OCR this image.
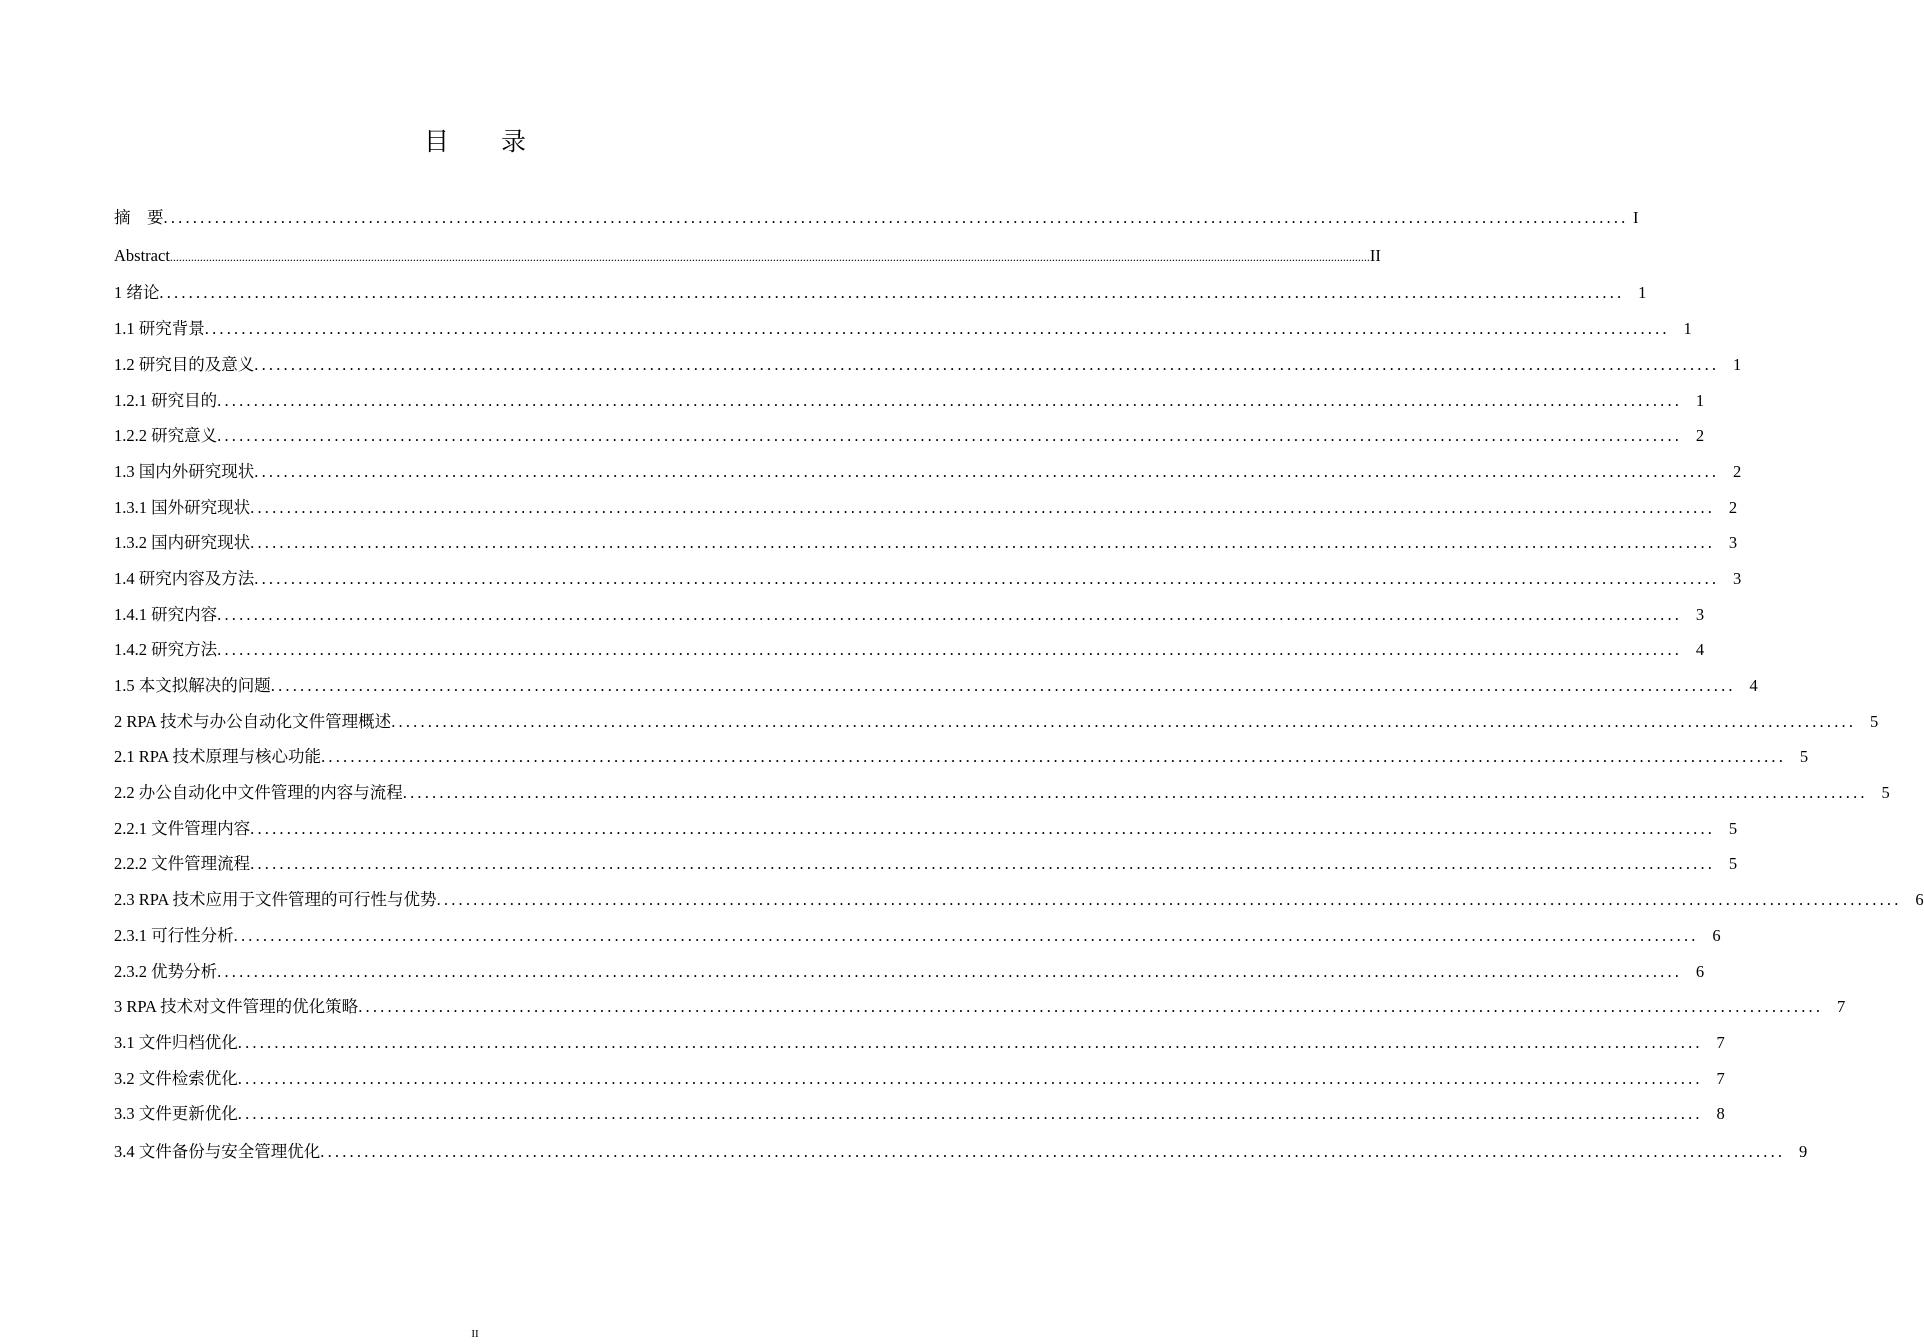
目 录
摘　要 ........................................................................................................................................................................................................ I
Abstract ................................................................................................................................................................................................................................................................................................................................................................................................................ II
1 绪论 ........................................................................................................................................................................................................ 1
1.1 研究背景 ........................................................................................................................................................................................................ 1
1.2 研究目的及意义 ........................................................................................................................................................................................................ 1
1.2.1 研究目的 ........................................................................................................................................................................................................ 1
1.2.2 研究意义 ........................................................................................................................................................................................................ 2
1.3 国内外研究现状 ........................................................................................................................................................................................................ 2
1.3.1 国外研究现状 ........................................................................................................................................................................................................ 2
1.3.2 国内研究现状 ........................................................................................................................................................................................................ 3
1.4 研究内容及方法 ........................................................................................................................................................................................................ 3
1.4.1 研究内容 ........................................................................................................................................................................................................ 3
1.4.2 研究方法 ........................................................................................................................................................................................................ 4
1.5 本文拟解决的问题 ........................................................................................................................................................................................................ 4
2 RPA 技术与办公自动化文件管理概述 ........................................................................................................................................................................................................ 5
2.1 RPA 技术原理与核心功能 ........................................................................................................................................................................................................ 5
2.2 办公自动化中文件管理的内容与流程 ........................................................................................................................................................................................................ 5
2.2.1 文件管理内容 ........................................................................................................................................................................................................ 5
2.2.2 文件管理流程 ........................................................................................................................................................................................................ 5
2.3 RPA 技术应用于文件管理的可行性与优势 ........................................................................................................................................................................................................ 6
2.3.1 可行性分析 ........................................................................................................................................................................................................ 6
2.3.2 优势分析 ........................................................................................................................................................................................................ 6
3 RPA 技术对文件管理的优化策略 ........................................................................................................................................................................................................ 7
3.1 文件归档优化 ........................................................................................................................................................................................................ 7
3.2 文件检索优化 ........................................................................................................................................................................................................ 7
3.3 文件更新优化 ........................................................................................................................................................................................................ 8
3.4 文件备份与安全管理优化 ........................................................................................................................................................................................................ 9
II
